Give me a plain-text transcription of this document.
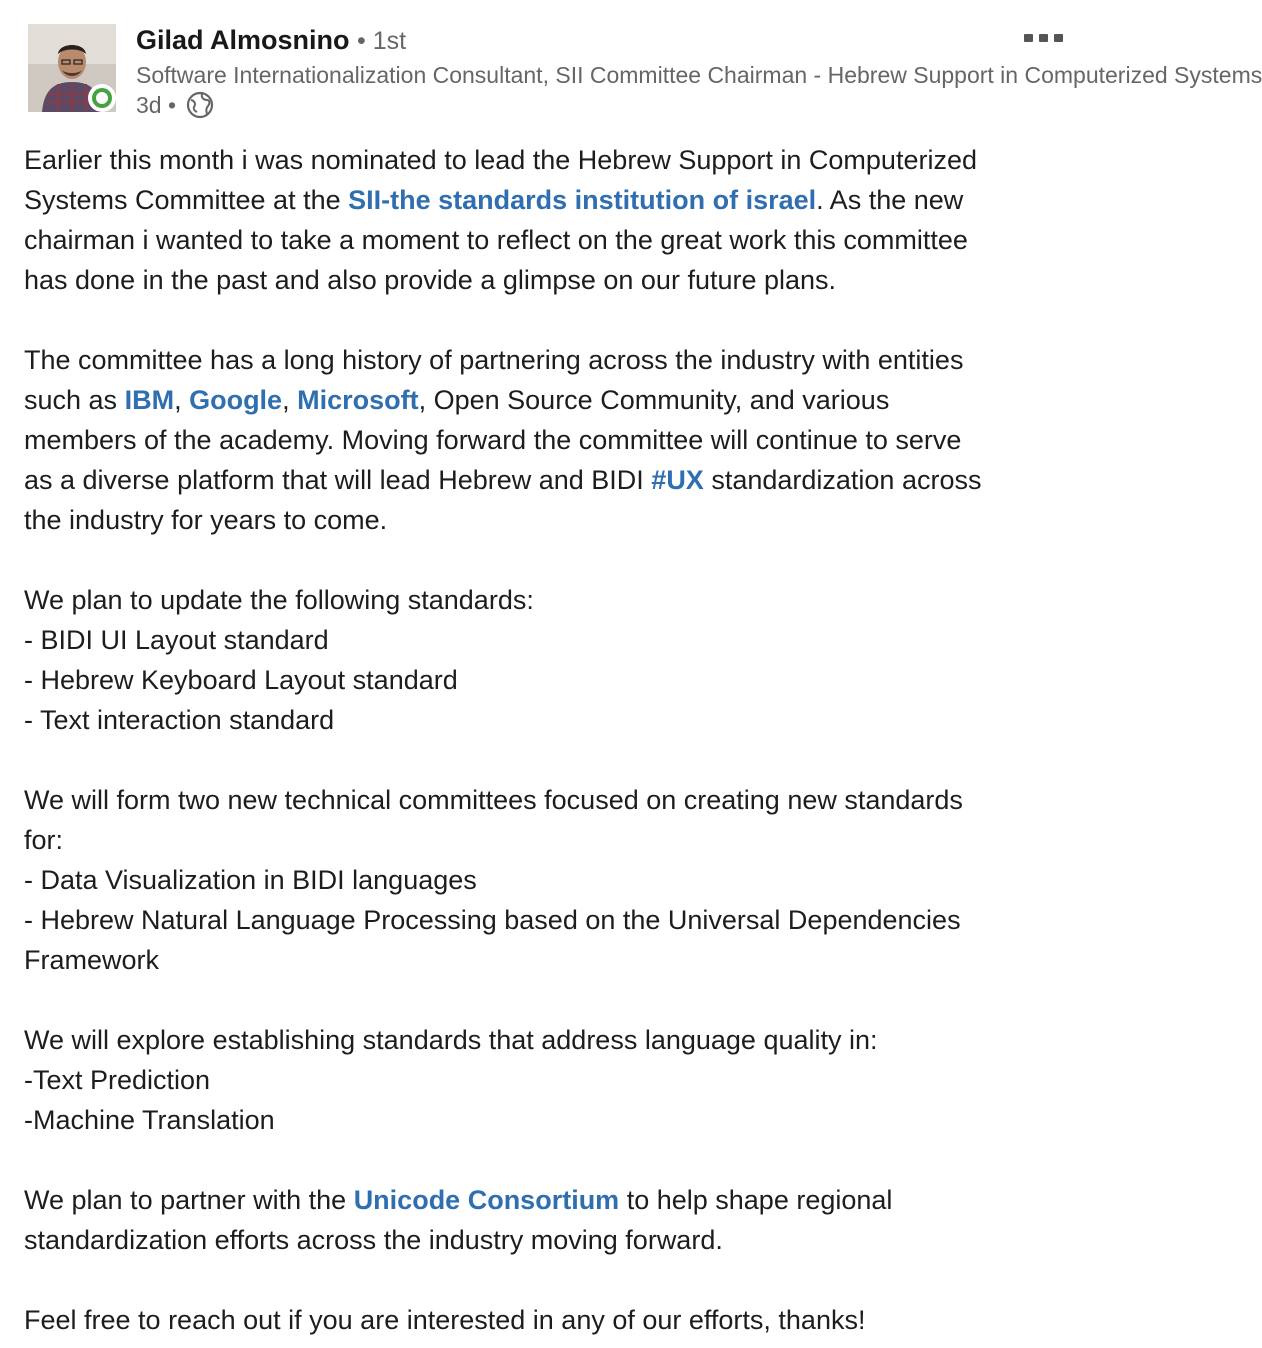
Gilad Almosnino • 1st
Software Internationalization Consultant, SII Committee Chairman - Hebrew Support in Computerized Systems
3d •

Earlier this month i was nominated to lead the Hebrew Support in Computerized

Systems Committee at the SII-the standards institution of israel. As the new

chairman i wanted to take a moment to reflect on the great work this committee

has done in the past and also provide a glimpse on our future plans.

The committee has a long history of partnering across the industry with entities

such as IBM, Google, Microsoft, Open Source Community, and various

members of the academy. Moving forward the committee will continue to serve

as a diverse platform that will lead Hebrew and BIDI #UX standardization across

the industry for years to come.

We plan to update the following standards:

- BIDI UI Layout standard

- Hebrew Keyboard Layout standard

- Text interaction standard

We will form two new technical committees focused on creating new standards

for:

- Data Visualization in BIDI languages

- Hebrew Natural Language Processing based on the Universal Dependencies

Framework

We will explore establishing standards that address language quality in:

-Text Prediction

-Machine Translation

We plan to partner with the Unicode Consortium to help shape regional

standardization efforts across the industry moving forward.

Feel free to reach out if you are interested in any of our efforts, thanks!
